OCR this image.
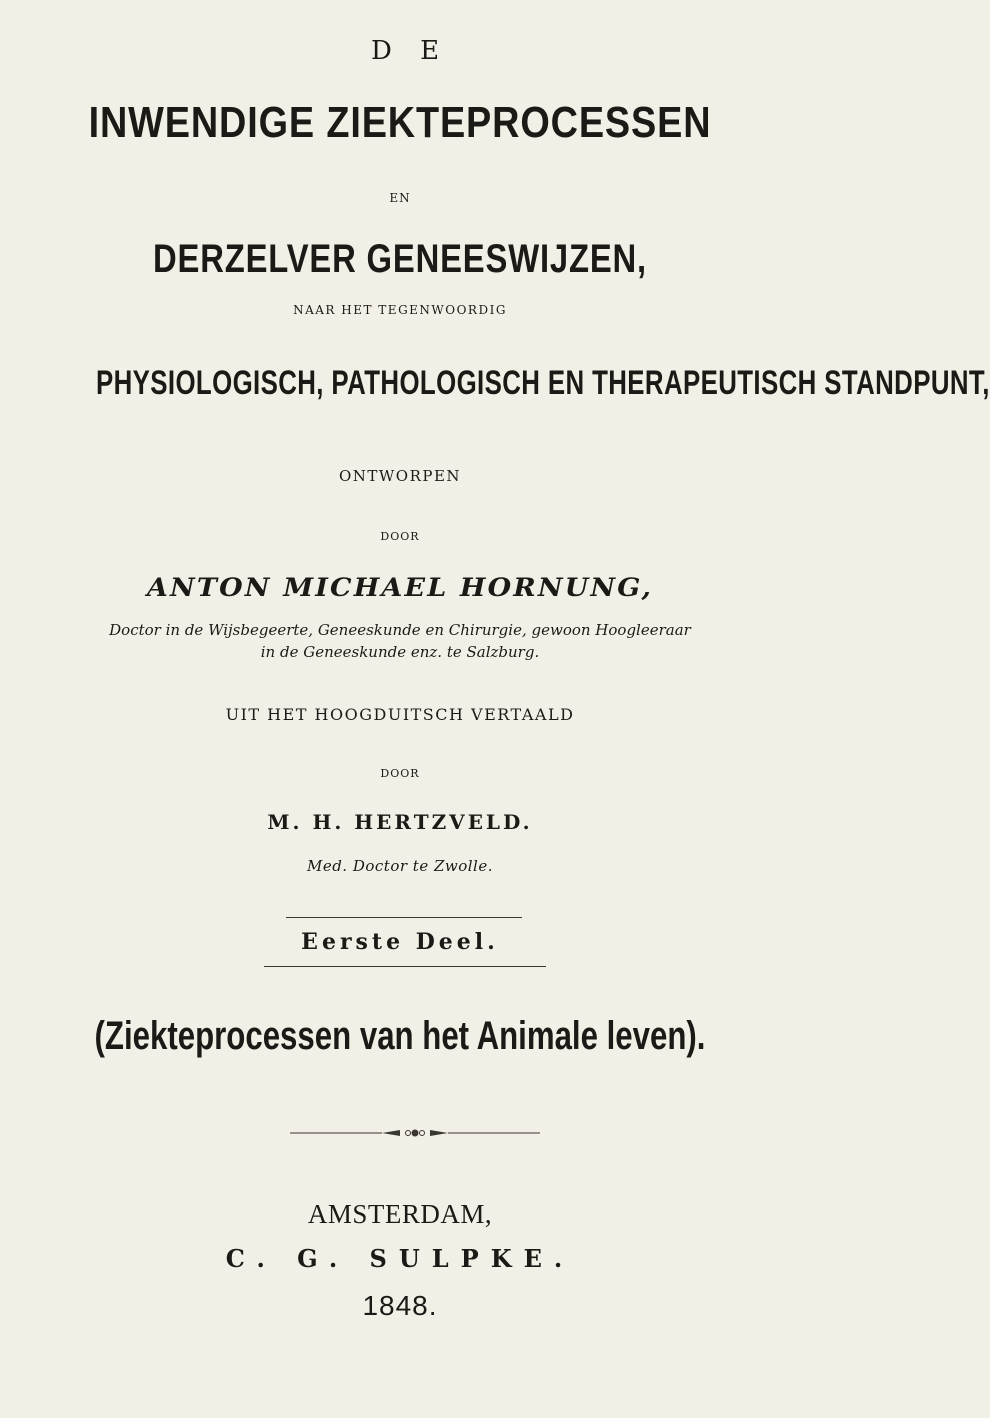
D E
INWENDIGE ZIEKTEPROCESSEN
EN
DERZELVER GENEESWIJZEN,
NAAR HET TEGENWOORDIG
PHYSIOLOGISCH, PATHOLOGISCH EN THERAPEUTISCH STANDPUNT,
ONTWORPEN
DOOR
ANTON MICHAEL HORNUNG,
Doctor in de Wijsbegeerte, Geneeskunde en Chirurgie, gewoon Hoogleeraar
in de Geneeskunde enz. te Salzburg.
UIT HET HOOGDUITSCH VERTAALD
DOOR
M. H. HERTZVELD.
Med. Doctor te Zwolle.
Eerste Deel.
(Ziekteprocessen van het Animale leven).
AMSTERDAM,
C. G. SULPKE.
1848.
